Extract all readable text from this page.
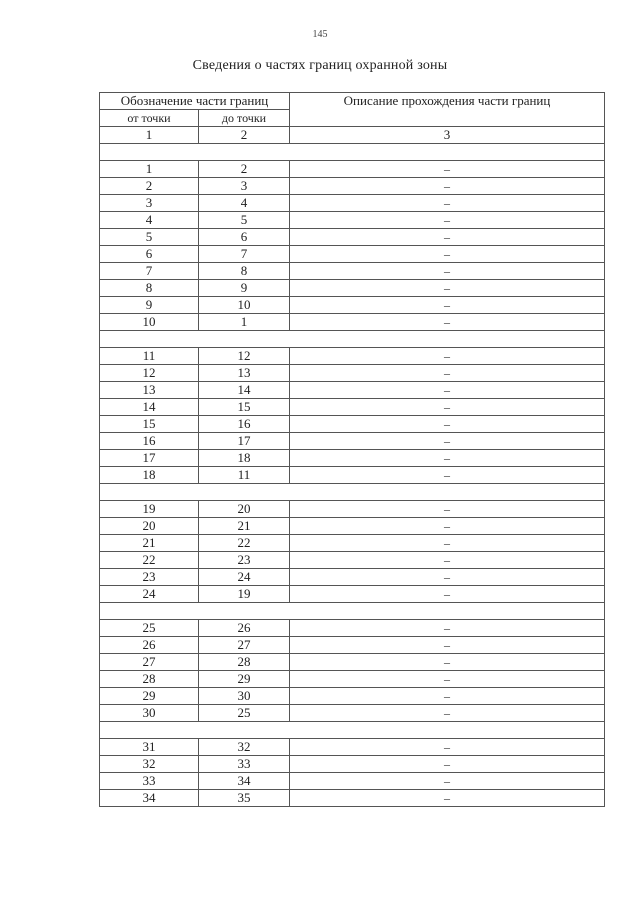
145
Сведения о частях границ охранной зоны
Обозначение части границ		Описание прохождения части границ
от точки	до точки	
1	2	3

1	2	–
2	3	–
3	4	–
4	5	–
5	6	–
6	7	–
7	8	–
8	9	–
9	10	–
10	1	–

11	12	–
12	13	–
13	14	–
14	15	–
15	16	–
16	17	–
17	18	–
18	11	–

19	20	–
20	21	–
21	22	–
22	23	–
23	24	–
24	19	–

25	26	–
26	27	–
27	28	–
28	29	–
29	30	–
30	25	–

31	32	–
32	33	–
33	34	–
34	35	–
